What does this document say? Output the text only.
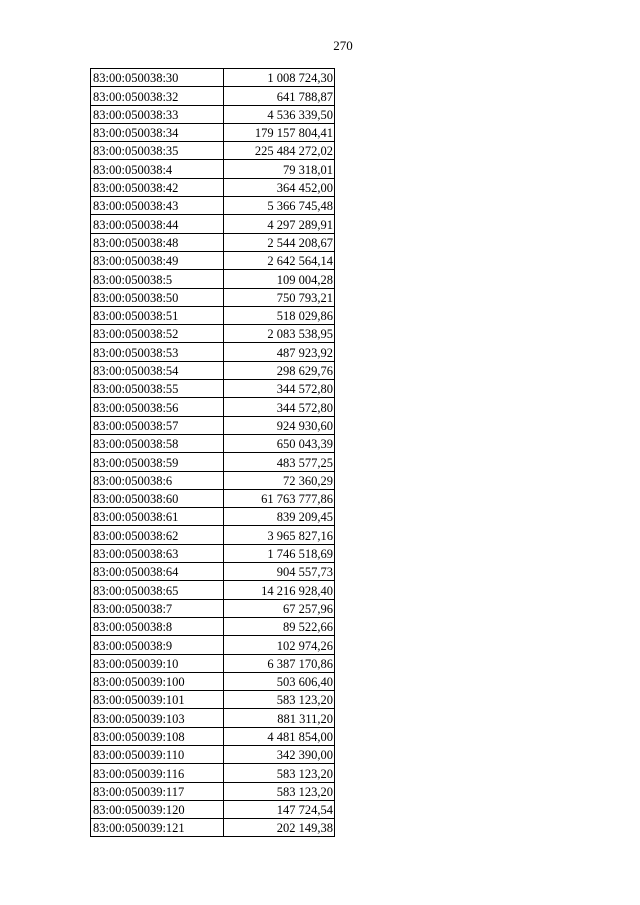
270
83:00:050038:30	1 008 724,30
83:00:050038:32	641 788,87
83:00:050038:33	4 536 339,50
83:00:050038:34	179 157 804,41
83:00:050038:35	225 484 272,02
83:00:050038:4	79 318,01
83:00:050038:42	364 452,00
83:00:050038:43	5 366 745,48
83:00:050038:44	4 297 289,91
83:00:050038:48	2 544 208,67
83:00:050038:49	2 642 564,14
83:00:050038:5	109 004,28
83:00:050038:50	750 793,21
83:00:050038:51	518 029,86
83:00:050038:52	2 083 538,95
83:00:050038:53	487 923,92
83:00:050038:54	298 629,76
83:00:050038:55	344 572,80
83:00:050038:56	344 572,80
83:00:050038:57	924 930,60
83:00:050038:58	650 043,39
83:00:050038:59	483 577,25
83:00:050038:6	72 360,29
83:00:050038:60	61 763 777,86
83:00:050038:61	839 209,45
83:00:050038:62	3 965 827,16
83:00:050038:63	1 746 518,69
83:00:050038:64	904 557,73
83:00:050038:65	14 216 928,40
83:00:050038:7	67 257,96
83:00:050038:8	89 522,66
83:00:050038:9	102 974,26
83:00:050039:10	6 387 170,86
83:00:050039:100	503 606,40
83:00:050039:101	583 123,20
83:00:050039:103	881 311,20
83:00:050039:108	4 481 854,00
83:00:050039:110	342 390,00
83:00:050039:116	583 123,20
83:00:050039:117	583 123,20
83:00:050039:120	147 724,54
83:00:050039:121	202 149,38
